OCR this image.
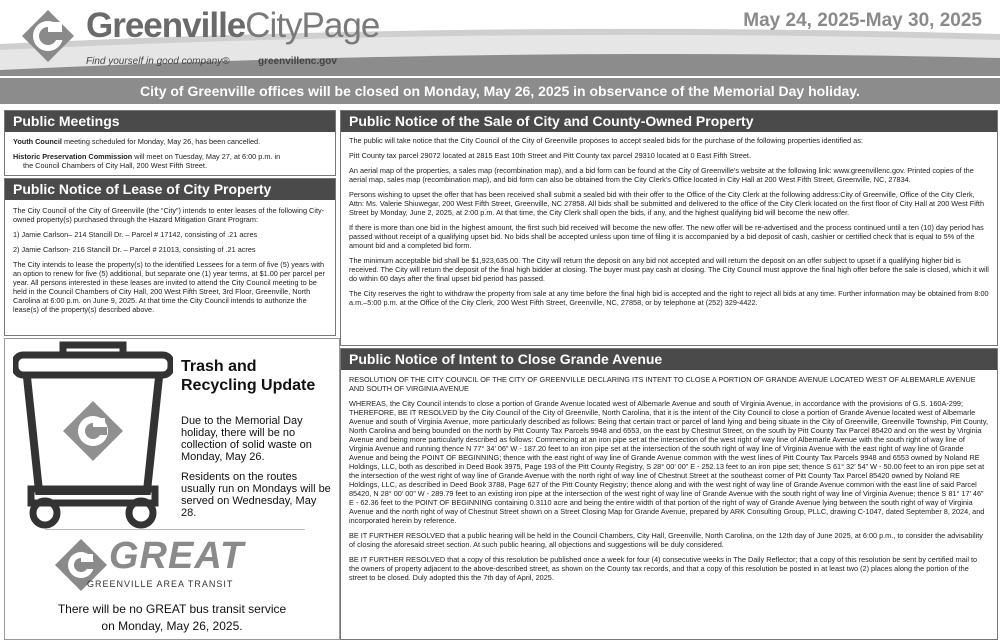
GreenvilleCityPage
Find yourself in good company®	greenvillenc.gov
May 24, 2025-May 30, 2025
City of Greenville offices will be closed on Monday, May 26, 2025 in observance of the Memorial Day holiday.
Public Meetings

Youth Council meeting scheduled for Monday, May 26, has been cancelled.

Historic Preservation Commission will meet on Tuesday, May 27, at 6:00 p.m. in
the Council Chambers of City Hall, 200 West Fifth Street.

Public Notice of Lease of City Property

The City Council of the City of Greenville (the “City”) intends to enter leases of the following City-owned property(s) purchased through the Hazard Mitigation Grant Program:

1) Jamie Carlson– 214 Stancill Dr. – Parcel # 17142, consisting of .21 acres

2) Jamie Carlson- 216 Stancill Dr. – Parcel # 21013, consisting of .21 acres

The City intends to lease the property(s) to the identified Lessees for a term of five (5) years with an option to renew for five (5) additional, but separate one (1) year terms, at $1.00 per parcel per year. All persons interested in these leases are invited to attend the City Council meeting to be held in the Council Chambers of City Hall, 200 West Fifth Street, 3rd Floor, Greenville, North Carolina at 6:00 p.m. on June 9, 2025. At that time the City Council intends to authorize the lease(s) of the property(s) described above.

Trash and
Recycling Update

Due to the Memorial Day holiday, there will be no collection of solid waste on Monday, May 26.

Residents on the routes usually run on Mondays will be served on Wednesday, May 28.

GREAT
GREENVILLE AREA TRANSIT
There will be no GREAT bus transit service
on Monday, May 26, 2025.
Public Notice of the Sale of City and County-Owned Property

The public will take notice that the City Council of the City of Greenville proposes to accept sealed bids for the purchase of the following properties identified as:

Pitt County tax parcel 29072 located at 2815 East 10th Street and Pitt County tax parcel 29310 located at 0 East Fifth Street.

An aerial map of the properties, a sales map (recombination map), and a bid form can be found at the City of Greenville’s website at the following link: www.greenvillenc.gov. Printed copies of the aerial map, sales map (recombination map), and bid form can also be obtained from the City Clerk’s Office located in City Hall at 200 West Fifth Street, Greenville, NC, 27834.

Persons wishing to upset the offer that has been received shall submit a sealed bid with their offer to the Office of the City Clerk at the following address:City of Greenville, Office of the City Clerk, Attn: Ms. Valerie Shiuwegar, 200 West Fifth Street, Greenville, NC 27858. All bids shall be submitted and delivered to the office of the City Clerk located on the first floor of City Hall at 200 West Fifth Street by Monday, June 2, 2025, at 2:00 p.m. At that time, the City Clerk shall open the bids, if any, and the highest qualifying bid will become the new offer.

If there is more than one bid in the highest amount, the first such bid received will become the new offer. The new offer will be re-advertised and the process continued until a ten (10) day period has passed without receipt of a qualifying upset bid. No bids shall be accepted unless upon time of filing it is accompanied by a bid deposit of cash, cashier or certified check that is equal to 5% of the amount bid and a completed bid form.

The minimum acceptable bid shall be $1,923,635.00. The City will return the deposit on any bid not accepted and will return the deposit on an offer subject to upset if a qualifying higher bid is received. The City will return the deposit of the final high bidder at closing. The buyer must pay cash at closing. The City Council must approve the final high offer before the sale is closed, which it will do within 60 days after the final upset bid period has passed.

The City reserves the right to withdraw the property from sale at any time before the final high bid is accepted and the right to reject all bids at any time. Further information may be obtained from 8:00 a.m.–5:00 p.m. at the Office of the City Clerk, 200 West Fifth Street, Greenville, NC, 27858, or by telephone at (252) 329-4422.

Public Notice of Intent to Close Grande Avenue

RESOLUTION OF THE CITY COUNCIL OF THE CITY OF GREENVILLE DECLARING ITS INTENT TO CLOSE A PORTION OF GRANDE AVENUE LOCATED WEST OF ALBEMARLE AVENUE AND SOUTH OF VIRGINIA AVENUE

WHEREAS, the City Council intends to close a portion of Grande Avenue located west of Albemarle Avenue and south of Virginia Avenue, in accordance with the provisions of G.S. 160A-299; THEREFORE, BE IT RESOLVED by the City Council of the City of Greenville, North Carolina, that it is the intent of the City Council to close a portion of Grande Avenue located west of Albemarle Avenue and south of Virginia Avenue, more particularly described as follows: Being that certain tract or parcel of land lying and being situate in the City of Greenville, Greenville Township, Pitt County, North Carolina and being bounded on the north by Pitt County Tax Parcels 9948 and 6553, on the east by Chestnut Street, on the south by Pitt County Tax Parcel 85420 and on the west by Virginia Avenue and being more particularly described as follows: Commencing at an iron pipe set at the intersection of the west right of way line of Albemarle Avenue with the south right of way line of Virginia Avenue and running thence N 77° 34’ 06” W - 187.20 feet to an iron pipe set at the intersection of the south right of way line of Virginia Avenue with the east right of way line of Grande Avenue and being the POINT OF BEGINNING; thence with the east right of way line of Grande Avenue common with the west lines of Pitt County Tax Parcels 9948 and 6553 owned by Noland RE Holdings, LLC, both as described in Deed Book 3975, Page 193 of the Pitt County Registry, S 28° 00’ 00” E - 252.13 feet to an iron pipe set; thence S 61° 32’ 54” W - 50.00 feet to an iron pipe set at the intersection of the west right of way line of Grande Avenue with the north right of way line of Chestnut Street at the southeast corner of Pitt County Tax Parcel 85420 owned by Noland RE Holdings, LLC, as described in Deed Book 3788, Page 627 of the Pitt County Registry; thence along and with the west right of way line of Grande Avenue common with the east line of said Parcel 85420, N 28° 00’ 00” W - 289.79 feet to an existing iron pipe at the intersection of the west right of way line of Grande Avenue with the south right of way line of Virginia Avenue; thence S 81° 17’ 46” E - 62.36 feet to the POINT OF BEGINNING containing 0.3110 acre and being the entire width of that portion of the right of way of Grande Avenue lying between the south right of way of Virginia Avenue and the north right of way of Chestnut Street shown on a Street Closing Map for Grande Avenue, prepared by ARK Consulting Group, PLLC, drawing C-1047, dated September 8, 2024, and incorporated herein by reference.

BE IT FURTHER RESOLVED that a public hearing will be held in the Council Chambers, City Hall, Greenville, North Carolina, on the 12th day of June 2025, at 6:00 p.m., to consider the advisability of closing the aforesaid street section. At such public hearing, all objections and suggestions will be duly considered.

BE IT FURTHER RESOLVED that a copy of this resolution be published once a week for four (4) consecutive weeks in The Daily Reflector; that a copy of this resolution be sent by certified mail to the owners of property adjacent to the above-described street, as shown on the County tax records, and that a copy of this resolution be posted in at least two (2) places along the portion of the street to be closed. Duly adopted this the 7th day of April, 2025.
